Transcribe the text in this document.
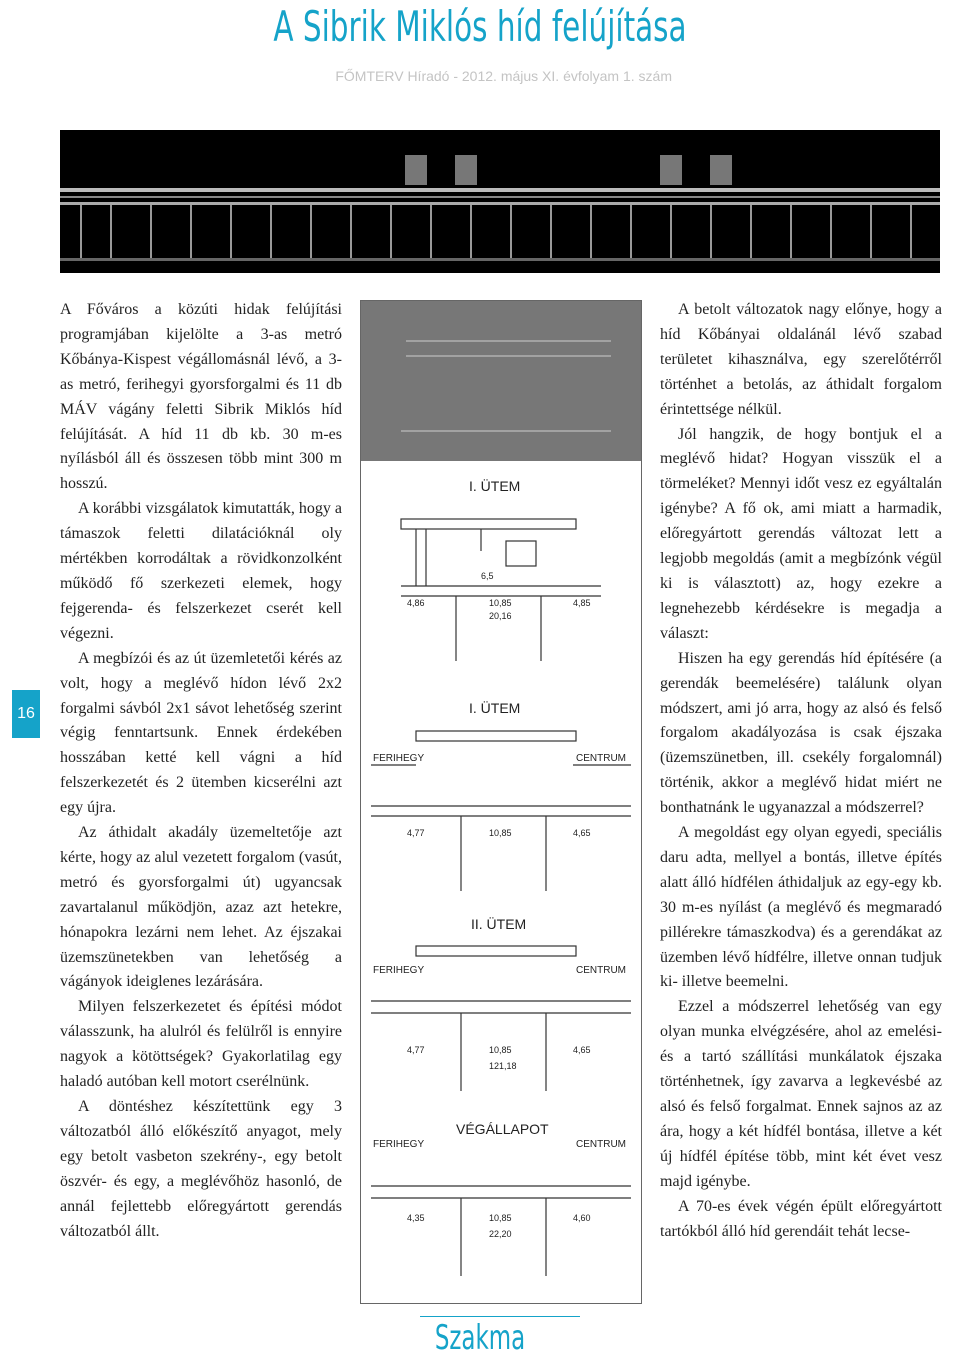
A Sibrik Miklós híd felújítása
FŐMTERV Híradó - 2012. május XI. évfolyam 1. szám

A Főváros a közúti hidak felújítási programjában kijelölte a 3-as metró Kőbánya-Kispest végállomásnál lévő, a 3-as metró, ferihegyi gyorsforgalmi és 11 db MÁV vágány feletti Sibrik Miklós híd felújítását. A híd 11 db kb. 30 m-es nyílásból áll és összesen több mint 300 m hosszú.

A korábbi vizsgálatok kimutatták, hogy a támaszok feletti dilatációknál oly mértékben korrodáltak a rövidkonzolként működő fő szerkezeti elemek, hogy fejgerenda- és felszerkezet cserét kell végezni.

A megbízói és az út üzemletetői kérés az volt, hogy a meglévő hídon lévő 2x2 forgalmi sávból 2x1 sávot lehetőség szerint végig fenntartsunk. Ennek érdekében hosszában ketté kell vágni a híd felszerkezetét és 2 ütemben kicserélni azt egy újra.

Az áthidalt akadály üzemeltetője azt kérte, hogy az alul vezetett forgalom (vasút, metró és gyorsforgalmi út) ugyancsak zavartalanul működjön, azaz azt hetekre, hónapokra lezárni nem lehet. Az éjszakai üzemszünetekben van lehetőség a vágányok ideiglenes lezárására.

Milyen felszerkezetet és építési módot válasszunk, ha alulról és felülről is ennyire nagyok a kötöttségek? Gyakorlatilag egy haladó autóban kell motort cserélnünk.

A döntéshez készítettünk egy 3 változatból álló előkészítő anyagot, mely egy betolt vasbeton szekrény-, egy betolt öszvér- és egy, a meglévőhöz hasonló, de annál fejlettebb előregyártott gerendás változatból állt.

A betolt változatok nagy előnye, hogy a híd Kőbányai oldalánál lévő szabad területet kihasználva, egy szerelőtérről történhet a betolás, az áthidalt forgalom érintettsége nélkül.

Jól hangzik, de hogy bontjuk el a meglévő hidat? Hogyan visszük el a törmeléket? Mennyi időt vesz ez egyáltalán igénybe? A fő ok, ami miatt a harmadik, előregyártott gerendás változat lett a legjobb megoldás (amit a megbízónk végül ki is választott) az, hogy ezekre a legnehezebb kérdésekre is megadja a választ:

Hiszen ha egy gerendás híd építésére (a gerendák beemelésére) találunk olyan módszert, ami jó arra, hogy az alsó és felső forgalom akadályozása is csak éjszaka (üzemszünetben, ill. csekély forgalomnál) történik, akkor a meglévő hidat miért ne bonthatnánk le ugyanazzal a módszerrel?

A megoldást egy olyan egyedi, speciális daru adta, mellyel a bontás, illetve építés alatt álló hídfélen áthidaljuk az egy-egy kb. 30 m-es nyílást (a meglévő és megmaradó pillérekre támaszkodva) és a gerendákat az üzemben lévő hídfélre, illetve onnan tudjuk ki- illetve beemelni.

Ezzel a módszerrel lehetőség van egy olyan munka elvégzésére, ahol az emelési- és a tartó szállítási munkálatok éjszaka történhetnek, így zavarva a legkevésbé az alsó és felső forgalmat. Ennek sajnos az az ára, hogy a két hídfél bontása, illetve a két új hídfél építése több, mint két évet vesz majd igénybe.

A 70-es évek végén épült előregyártott tartókból álló híd gerendáit tehát lecse-

I. ÜTEM
6,5
4,86	10,85
20,16
4,85
I. ÜTEM
FERIHEGY	CENTRUM
4,77	10,85	4,65
II. ÜTEM
FERIHEGY	CENTRUM
4,77	10,85
121,18
4,65
VÉGÁLLAPOT
FERIHEGY	CENTRUM
4,35	10,85
22,20
4,60
16
Szakma
